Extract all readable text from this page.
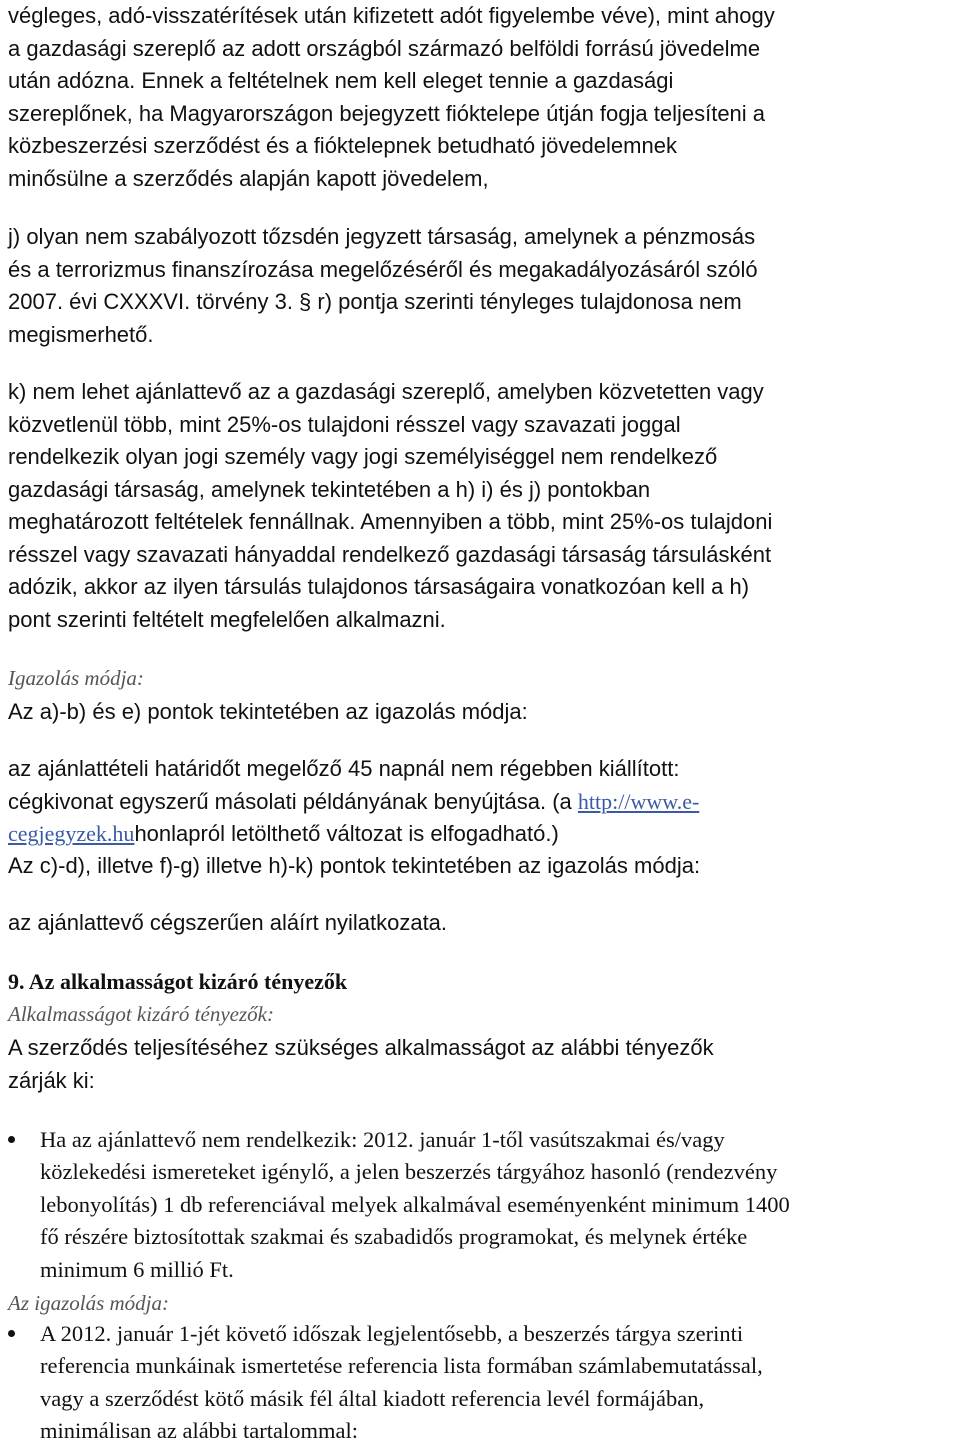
végleges, adó-visszatérítések után kifizetett adót figyelembe véve), mint ahogy
a gazdasági szereplő az adott országból származó belföldi forrású jövedelme
után adózna. Ennek a feltételnek nem kell eleget tennie a gazdasági
szereplőnek, ha Magyarországon bejegyzett fióktelepe útján fogja teljesíteni a
közbeszerzési szerződést és a fióktelepnek betudható jövedelemnek
minősülne a szerződés alapján kapott jövedelem,
j) olyan nem szabályozott tőzsdén jegyzett társaság, amelynek a pénzmosás
és a terrorizmus finanszírozása megelőzéséről és megakadályozásáról szóló
2007. évi CXXXVI. törvény 3. § r) pontja szerinti tényleges tulajdonosa nem
megismerhető.
k) nem lehet ajánlattevő az a gazdasági szereplő, amelyben közvetetten vagy
közvetlenül több, mint 25%-os tulajdoni résszel vagy szavazati joggal
rendelkezik olyan jogi személy vagy jogi személyiséggel nem rendelkező
gazdasági társaság, amelynek tekintetében a h) i) és j) pontokban
meghatározott feltételek fennállnak. Amennyiben a több, mint 25%-os tulajdoni
résszel vagy szavazati hányaddal rendelkező gazdasági társaság társulásként
adózik, akkor az ilyen társulás tulajdonos társaságaira vonatkozóan kell a h)
pont szerinti feltételt megfelelően alkalmazni.
Igazolás módja:
Az a)-b) és e) pontok tekintetében az igazolás módja:
az ajánlattételi határidőt megelőző 45 napnál nem régebben kiállított:
cégkivonat egyszerű másolati példányának benyújtása. (a http://www.e-
cegjegyzek.huhonlapról letölthető változat is elfogadható.)
Az c)-d), illetve f)-g) illetve h)-k) pontok tekintetében az igazolás módja:
az ajánlattevő cégszerűen aláírt nyilatkozata.
9. Az alkalmasságot kizáró tényezők
Alkalmasságot kizáró tényezők:
A szerződés teljesítéséhez szükséges alkalmasságot az alábbi tényezők
zárják ki:
Ha az ajánlattevő nem rendelkezik: 2012. január 1-től vasútszakmai és/vagy
közlekedési ismereteket igénylő, a jelen beszerzés tárgyához hasonló (rendezvény
lebonyolítás) 1 db referenciával melyek alkalmával eseményenként minimum 1400
fő részére biztosítottak szakmai és szabadidős programokat, és melynek értéke
minimum 6 millió Ft.
Az igazolás módja:
A 2012. január 1-jét követő időszak legjelentősebb, a beszerzés tárgya szerinti
referencia munkáinak ismertetése referencia lista formában számlabemutatással,
vagy a szerződést kötő másik fél által kiadott referencia levél formájában,
minimálisan az alábbi tartalommal:
